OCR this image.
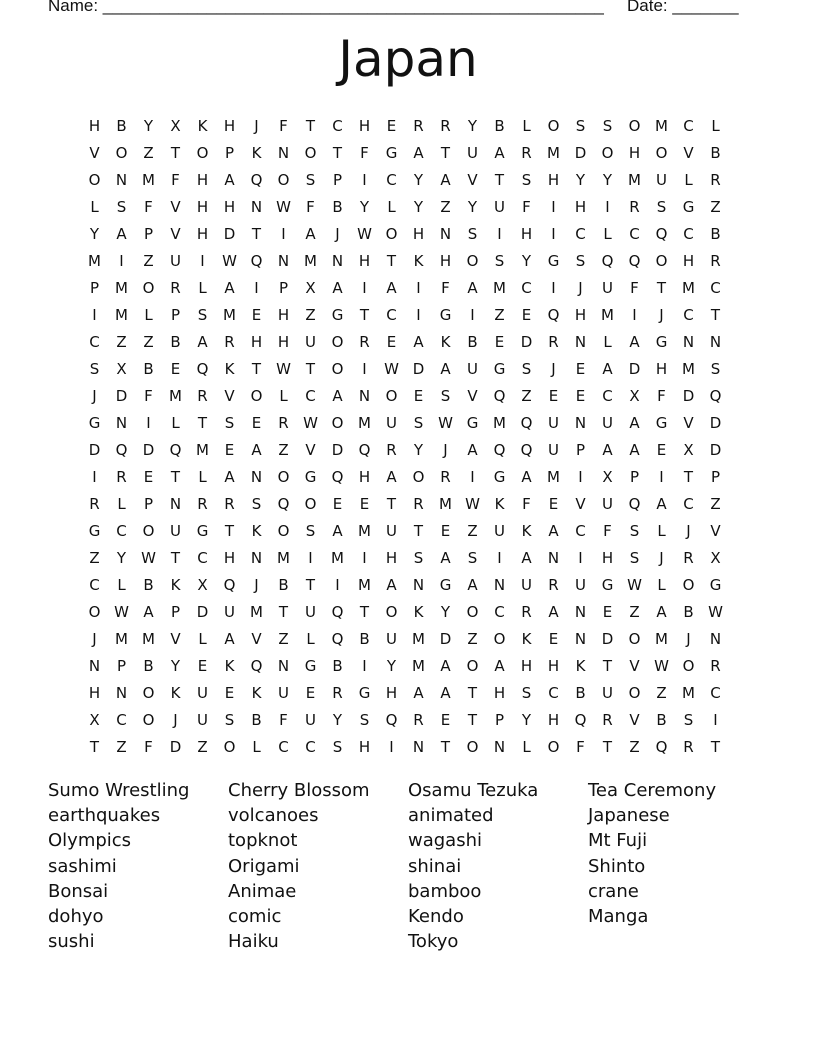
Name: _____________________________________________________

Date: _______

Japan
H	B	Y	X	K	H	J	F	T	C	H	E	R	R	Y	B	L	O	S	S	O M	C	L
V	O	Z	T	O	P	K	N	O	T	F	G	A	T	U	A	R	M D	O	H	O	V	B
O	N M	F	H	A	Q	O	S	P	I	C	Y	A	V	T	S	H	Y	Y	M	U	L	R
L	S	F	V	H	H	N W	F	B	Y	L	Y	Z	Y	U	F	I	H	I	R	S	G	Z
Y	A	P	V	H	D	T	I	A	J	W O	H	N	S	I	H	I	C	L	C	Q	C	B
M	I	Z	U	I	W Q	N M N	H	T	K	H	O	S	Y	G	S	Q	Q	O	H	R
P	M O	R	L	A	I	P	X	A	I	A	I	F	A	M	C	I	J	U	F	T	M	C
I	M	L	P	S	M	E	H	Z	G	T	C	I	G	I	Z	E	Q	H M	I	J	C	T
C	Z	Z	B	A	R	H	H	U	O	R	E	A	K	B	E	D	R	N	L	A	G	N	N
S	X	B	E	Q	K	T	W T	O	I	W D	A	U	G	S	J	E	A	D	H M	S
J	D	F	M	R	V	O	L	C	A	N	O	E	S	V	Q	Z	E	E	C	X	F	D	Q
G	N	I	L	T	S	E	R W O M	U	S W G M Q	U	N	U	A	G	V	D
D	Q	D	Q M	E	A	Z	V	D	Q	R	Y	J	A	Q	Q	U	P	A	A	E	X	D
I	R	E	T	L	A	N	O	G	Q	H	A	O	R	I	G	A	M	I	X	P	I	T	P
R	L	P	N	R	R	S	Q	O	E	E	T	R	M W K	F	E	V	U	Q	A	C	Z
G	C	O	U	G	T	K	O	S	A	M	U	T	E	Z	U	K	A	C	F	S	L	J	V
Z	Y	W T	C	H	N M	I	M	I	H	S	A	S	I	A	N	I	H	S	J	R	X
C	L	B	K	X	Q	J	B	T	I	M	A	N	G	A	N	U	R	U	G W	L	O	G
O W A	P	D	U	M	T	U	Q	T	O	K	Y	O	C	R	A	N	E	Z	A	B W
J	M M	V	L	A	V	Z	L	Q	B	U	M D	Z	O	K	E	N	D	O M	J	N
N	P	B	Y	E	K	Q	N	G	B	I	Y	M	A	O	A	H	H	K	T	V W O	R
H	N	O	K	U	E	K	U	E	R	G	H	A	A	T	H	S	C	B	U	O	Z	M	C
X	C	O	J	U	S	B	F	U	Y	S	Q	R	E	T	P	Y	H	Q	R	V	B	S	I
T	Z	F	D	Z	O	L	C	C	S	H	I	N	T	O	N	L	O	F	T	Z	Q	R	T
Sumo Wrestling	Cherry Blossom	Osamu Tezuka	Tea Ceremony
earthquakes	volcanoes	animated	Japanese
Olympics	topknot	wagashi	Mt Fuji
sashimi	Origami	shinai	Shinto
Bonsai	Animae	bamboo	crane
dohyo	comic	Kendo	Manga
sushi	Haiku	Tokyo
